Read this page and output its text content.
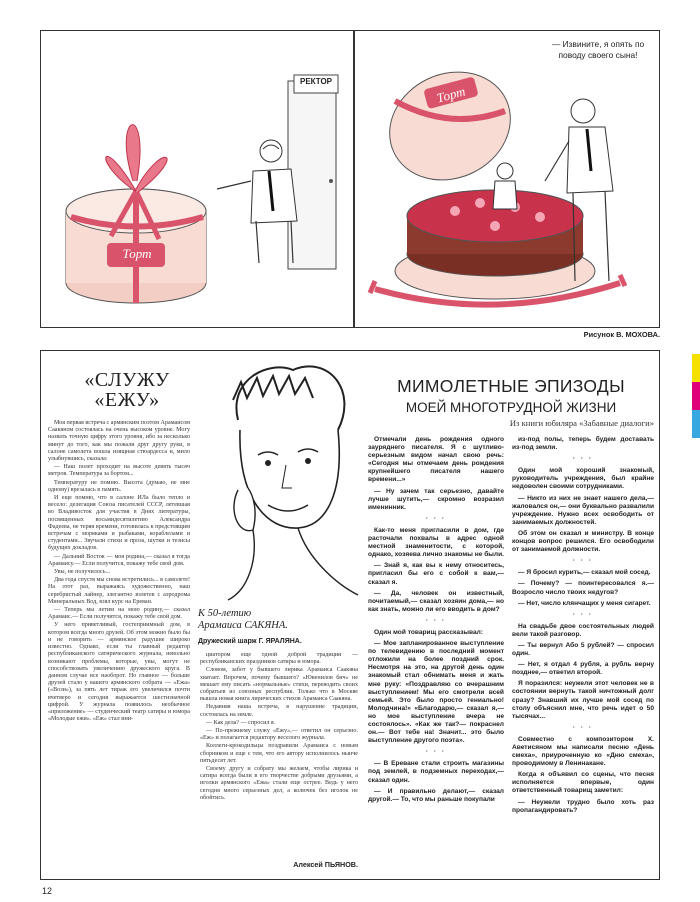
РЕКТОР
Торт
— Извините, я опять по поводу своего сына!
Торт
Рисунок В. МОХОВА.
«СЛУЖУ
«ЕЖУ»

Моя первая встреча с армянским поэтом Арамаисом Саакяном состоялась на очень высоком уровне. Могу назвать точную цифру этого уровня, ибо за несколько минут до того, как мы пожали друг другу руки, в салоне самолета вошла изящная стюардесса и, мило улыбнувшись, сказала:

— Наш полет проходит на высоте девять тысяч метров. Температура за бортом...

Температуру не помню. Высота (думаю, не мне одному) врезалась в память.

И еще помню, что в салоне ИЛа было тепло и весело: делегация Союза писателей СССР, летевшая во Владивосток для участия в Днях литературы, посвященных восьмидесятилетию Александра Фадеева, не теряя времени, готовилась к предстоящим встречам с моряками и рыбаками, кораблелами и студентами... Звучали стихи и проза, шутки и тезисы будущих докладов.

— Дальний Восток — моя родина,— сказал я тогда Арамаису.— Если получится, покажу тебе свой дом.

Увы, не получилось...

Два года спустя мы снова встретились... в самолете! На этот раз, выражаясь художественно, наш серебристый лайнер, элегантно взлетев с аэродрома Минеральных Вод, взял курс на Ереван.

— Теперь мы летим на мою родину,— сказал Арамаис.— Если получится, покажу тебе свой дом.

У него приветливый, гостеприимный дом, в котором всегда много друзей. Об этом можно было бы и не говорить — армянское радушие широко известно. Однако, если ты главный редактор республиканского сатирического журнала, невольно возникают проблемы, которые, увы, могут не способствовать увеличению дружеского круга. В данном случае все наоборот. Но главное — больше друзей стало у вашего армянского собрата — «Ежа» («Вози»), за пять лет тираж его увеличился почти вчетверо и сегодня выражается шестизначной цифрой. У журнала появилось необычное «приложение» — студенческий театр сатиры и юмора «Молодые ежи». «Еж» стал ини-

К 50-летию
Арамаиса САКЯНА.
Дружеский шарж Г. ЯРАЛЯНА.

циатором еще одной доброй традиции — республиканских праздников сатиры и юмора.

Словом, забот у бывшего лирика Арамаиса Саакяна хватает. Впрочем, почему бывшего? «Ювенилов бич» не мешает ему писать «нормальные» стихи, переводить своих собратьев из союзных республик. Только что в Москве вышла новая книга лирических стихов Арамаиса Саакяна.

Недавняя наша встреча, в нарушение традиции, состоялась на земле.

— Как дела? — спросил я.

— По-прежнему служу «Ежу»,— ответил он серьезно. «Еж» и полагается редактору веселого журнала.

Коллеги-крокодильцы поздравили Арамаиса с новым сборником и еще с тем, что его автору исполнилось нынче пятьдесят лет.

Своему другу и собрату мы желаем, чтобы лирика и сатира всегда были в его творчестве добрыми друзьями, а иголки армянского «Ежа» стали еще острее. Ведь у него сегодня много серьезных дел, а колючек без иголок не обойтись.

Алексей ПЬЯНОВ.
МИМОЛЕТНЫЕ ЭПИЗОДЫ
МОЕЙ МНОГОТРУДНОЙ ЖИЗНИ
Из книги юбиляра «Забавные диалоги»

Отмечали день рождения одного зауряднего писателя. Я с шутливо-серьезным видом начал свою речь: «Сегодня мы отмечаем день рождения крупнейшего писателя нашего времени...»

— Ну зачем так серьезно, давайте лучше шутить,— скромно возразил именинник.

· · ·

Как-то меня пригласили в дом, где расточали похвалы в адрес одной местной знаменитости, с которой, однако, хозяева лично знакомы не были.

— Знай я, как вы к нему относитесь, пригласил бы его с собой к вам,— сказал я.

— Да, человек он известный, почитаемый,— сказал хозяин дома,— но как знать, можно ли его вводить в дом?

· · ·

Один мой товарищ рассказывал:

— Мое запланированное выступление по телевидению в последний момент отложили на более поздний срок. Несмотря на это, на другой день один знакомый стал обнимать меня и жать мне руку: «Поздравляю со вчерашним выступлением! Мы его смотрели всей семьей. Это было просто гениально! Молодчина!» «Благодарю,— сказал я,— но мое выступление вчера не состоялось». «Как же так?— покраснел он.— Вот тебе на! Значит... это было выступление другого поэта».

· · ·

— В Ереване стали строить магазины под землей, в подземных переходах,— сказал один.

— И правильно делают,— сказал другой.— То, что мы раньше покупали

из-под полы, теперь будем доставать из-под земли.

· · ·

Один мой хороший знакомый, руководитель учреждения, был крайне недоволен своими сотрудниками.

— Никто из них не знает нашего дела,— жаловался он,— они буквально развалили учреждение. Нужно всех освободить от занимаемых должностей.

Об этом он сказал и министру. В конце концов вопрос решился. Его освободили от занимаемой должности.

· · ·

— Я бросил курить,— сказал мой сосед.

— Почему? — поинтересовался я.— Возросло число твоих недугов?

— Нет, число клянчащих у меня сигарет.

· · ·

На свадьбе двое состоятельных людей вели такой разговор.

— Ты вернул Або 5 рублей? — спросил один.

— Нет, я отдал 4 рубля, а рубль верну позднее,— ответил второй.

Я поразился: неужели этот человек не в состоянии вернуть такой ничтожный долг сразу? Знавший их лучше мой сосед по столу объяснил мне, что речь идет о 50 тысячах...

· · ·

Совместно с композитором Х. Аветисяном мы написали песню «День смеха», приуроченную ко «Дню смеха», проводимому в Ленинакане.

Когда я объявил со сцены, что песня исполняется впервые, один ответственный товарищ заметил:

— Неужели трудно было хоть раз пропагандировать?

12
